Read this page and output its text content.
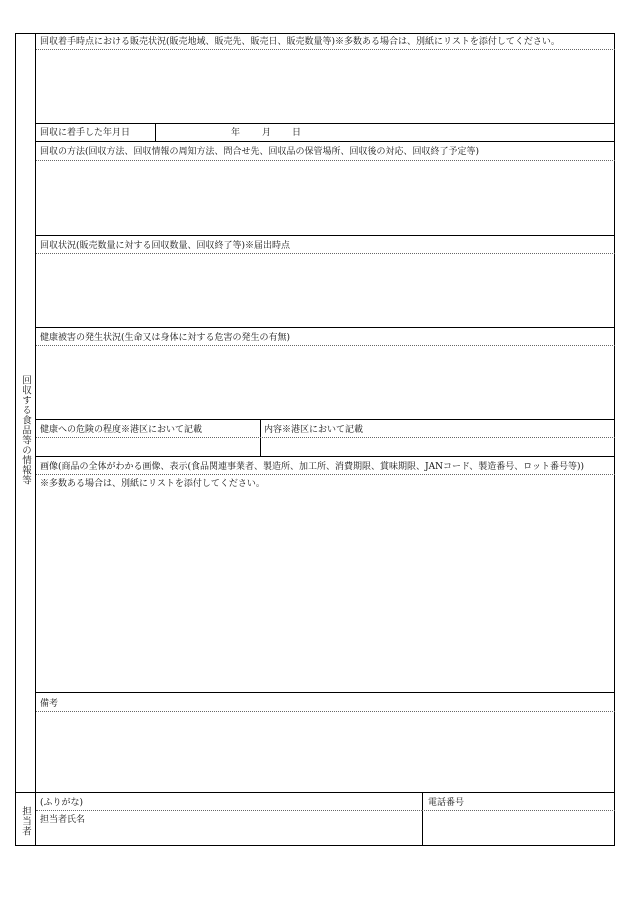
回収する食品等の情報等
担当者
回収着手時点における販売状況(販売地域、販売先、販売日、販売数量等)※多数ある場合は、別紙にリストを添付してください。
回収に着手した年月日	年 月 日
回収の方法(回収方法、回収情報の周知方法、問合せ先、回収品の保管場所、回収後の対応、回収終了予定等)
回収状況(販売数量に対する回収数量、回収終了等)※届出時点
健康被害の発生状況(生命又は身体に対する危害の発生の有無)
健康への危険の程度※港区において記載	内容※港区において記載
画像(商品の全体がわかる画像、表示(食品関連事業者、製造所、加工所、消費期限、賞味期限、JANコード、製造番号、ロット番号等))
※多数ある場合は、別紙にリストを添付してください。
備考
(ふりがな)	電話番号
担当者氏名
